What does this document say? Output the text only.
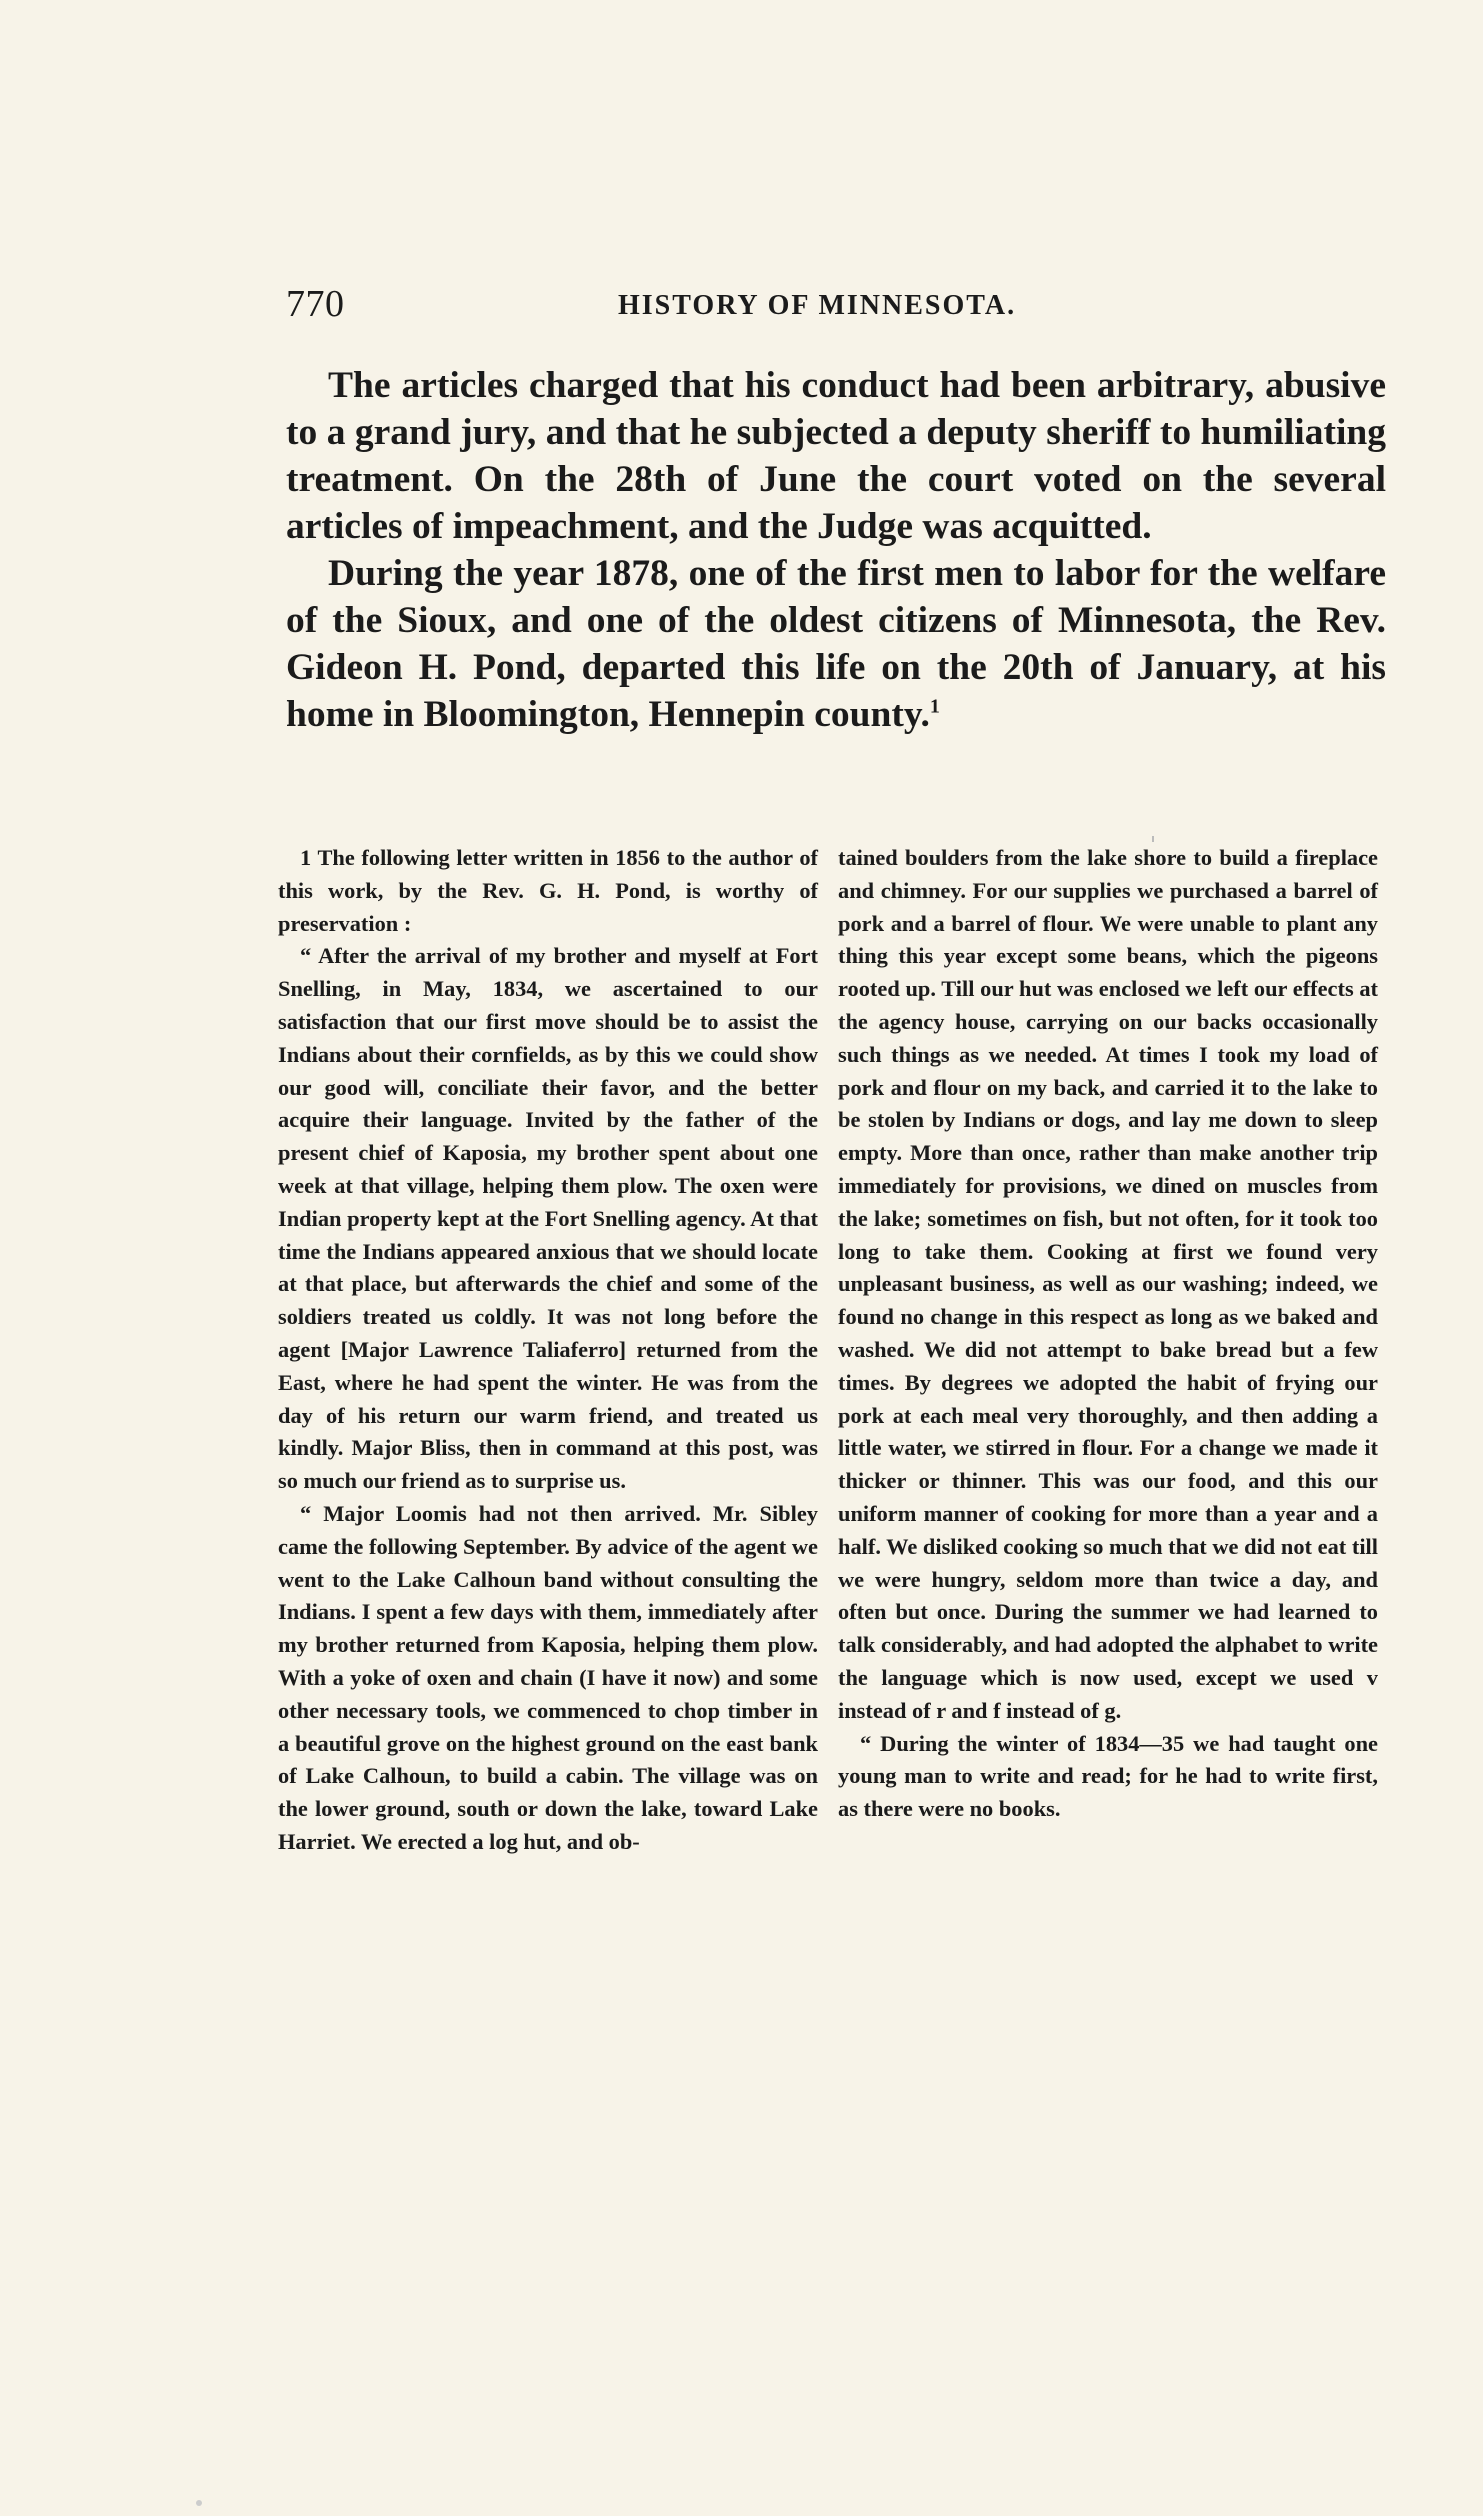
770	HISTORY OF MINNESOTA.

The articles charged that his conduct had been arbitrary, abusive to a grand jury, and that he subjected a deputy sheriff to humiliating treatment. On the 28th of June the court voted on the several articles of impeachment, and the Judge was acquitted.

During the year 1878, one of the first men to labor for the welfare of the Sioux, and one of the oldest citizens of Minnesota, the Rev. Gideon H. Pond, departed this life on the 20th of January, at his home in Bloomington, Hennepin county.$^1$

1 The following letter written in 1856 to the author of this work, by the Rev. G. H. Pond, is worthy of preservation :

“ After the arrival of my brother and myself at Fort Snelling, in May, 1834, we ascertained to our satisfaction that our first move should be to assist the Indians about their cornfields, as by this we could show our good will, conciliate their favor, and the better acquire their language. Invited by the father of the present chief of Kaposia, my brother spent about one week at that village, helping them plow. The oxen were Indian property kept at the Fort Snelling agency. At that time the Indians appeared anxious that we should locate at that place, but afterwards the chief and some of the soldiers treated us coldly. It was not long before the agent [Major Lawrence Taliaferro] returned from the East, where he had spent the winter. He was from the day of his return our warm friend, and treated us kindly. Major Bliss, then in command at this post, was so much our friend as to surprise us.

“ Major Loomis had not then arrived. Mr. Sibley came the following September. By advice of the agent we went to the Lake Calhoun band without consulting the Indians. I spent a few days with them, immediately after my brother returned from Kaposia, helping them plow. With a yoke of oxen and chain (I have it now) and some other necessary tools, we commenced to chop timber in a beautiful grove on the highest ground on the east bank of Lake Calhoun, to build a cabin. The village was on the lower ground, south or down the lake, toward Lake Harriet. We erected a log hut, and ob-

tained boulders from the lake shore to build a fireplace and chimney. For our supplies we purchased a barrel of pork and a barrel of flour. We were unable to plant any thing this year except some beans, which the pigeons rooted up. Till our hut was enclosed we left our effects at the agency house, carrying on our backs occasionally such things as we needed. At times I took my load of pork and flour on my back, and carried it to the lake to be stolen by Indians or dogs, and lay me down to sleep empty. More than once, rather than make another trip immediately for provisions, we dined on muscles from the lake; sometimes on fish, but not often, for it took too long to take them. Cooking at first we found very unpleasant business, as well as our washing; indeed, we found no change in this respect as long as we baked and washed. We did not attempt to bake bread but a few times. By degrees we adopted the habit of frying our pork at each meal very thoroughly, and then adding a little water, we stirred in flour. For a change we made it thicker or thinner. This was our food, and this our uniform manner of cooking for more than a year and a half. We disliked cooking so much that we did not eat till we were hungry, seldom more than twice a day, and often but once. During the summer we had learned to talk considerably, and had adopted the alphabet to write the language which is now used, except we used v instead of r and f instead of g.

“ During the winter of 1834—35 we had taught one young man to write and read; for he had to write first, as there were no books.
